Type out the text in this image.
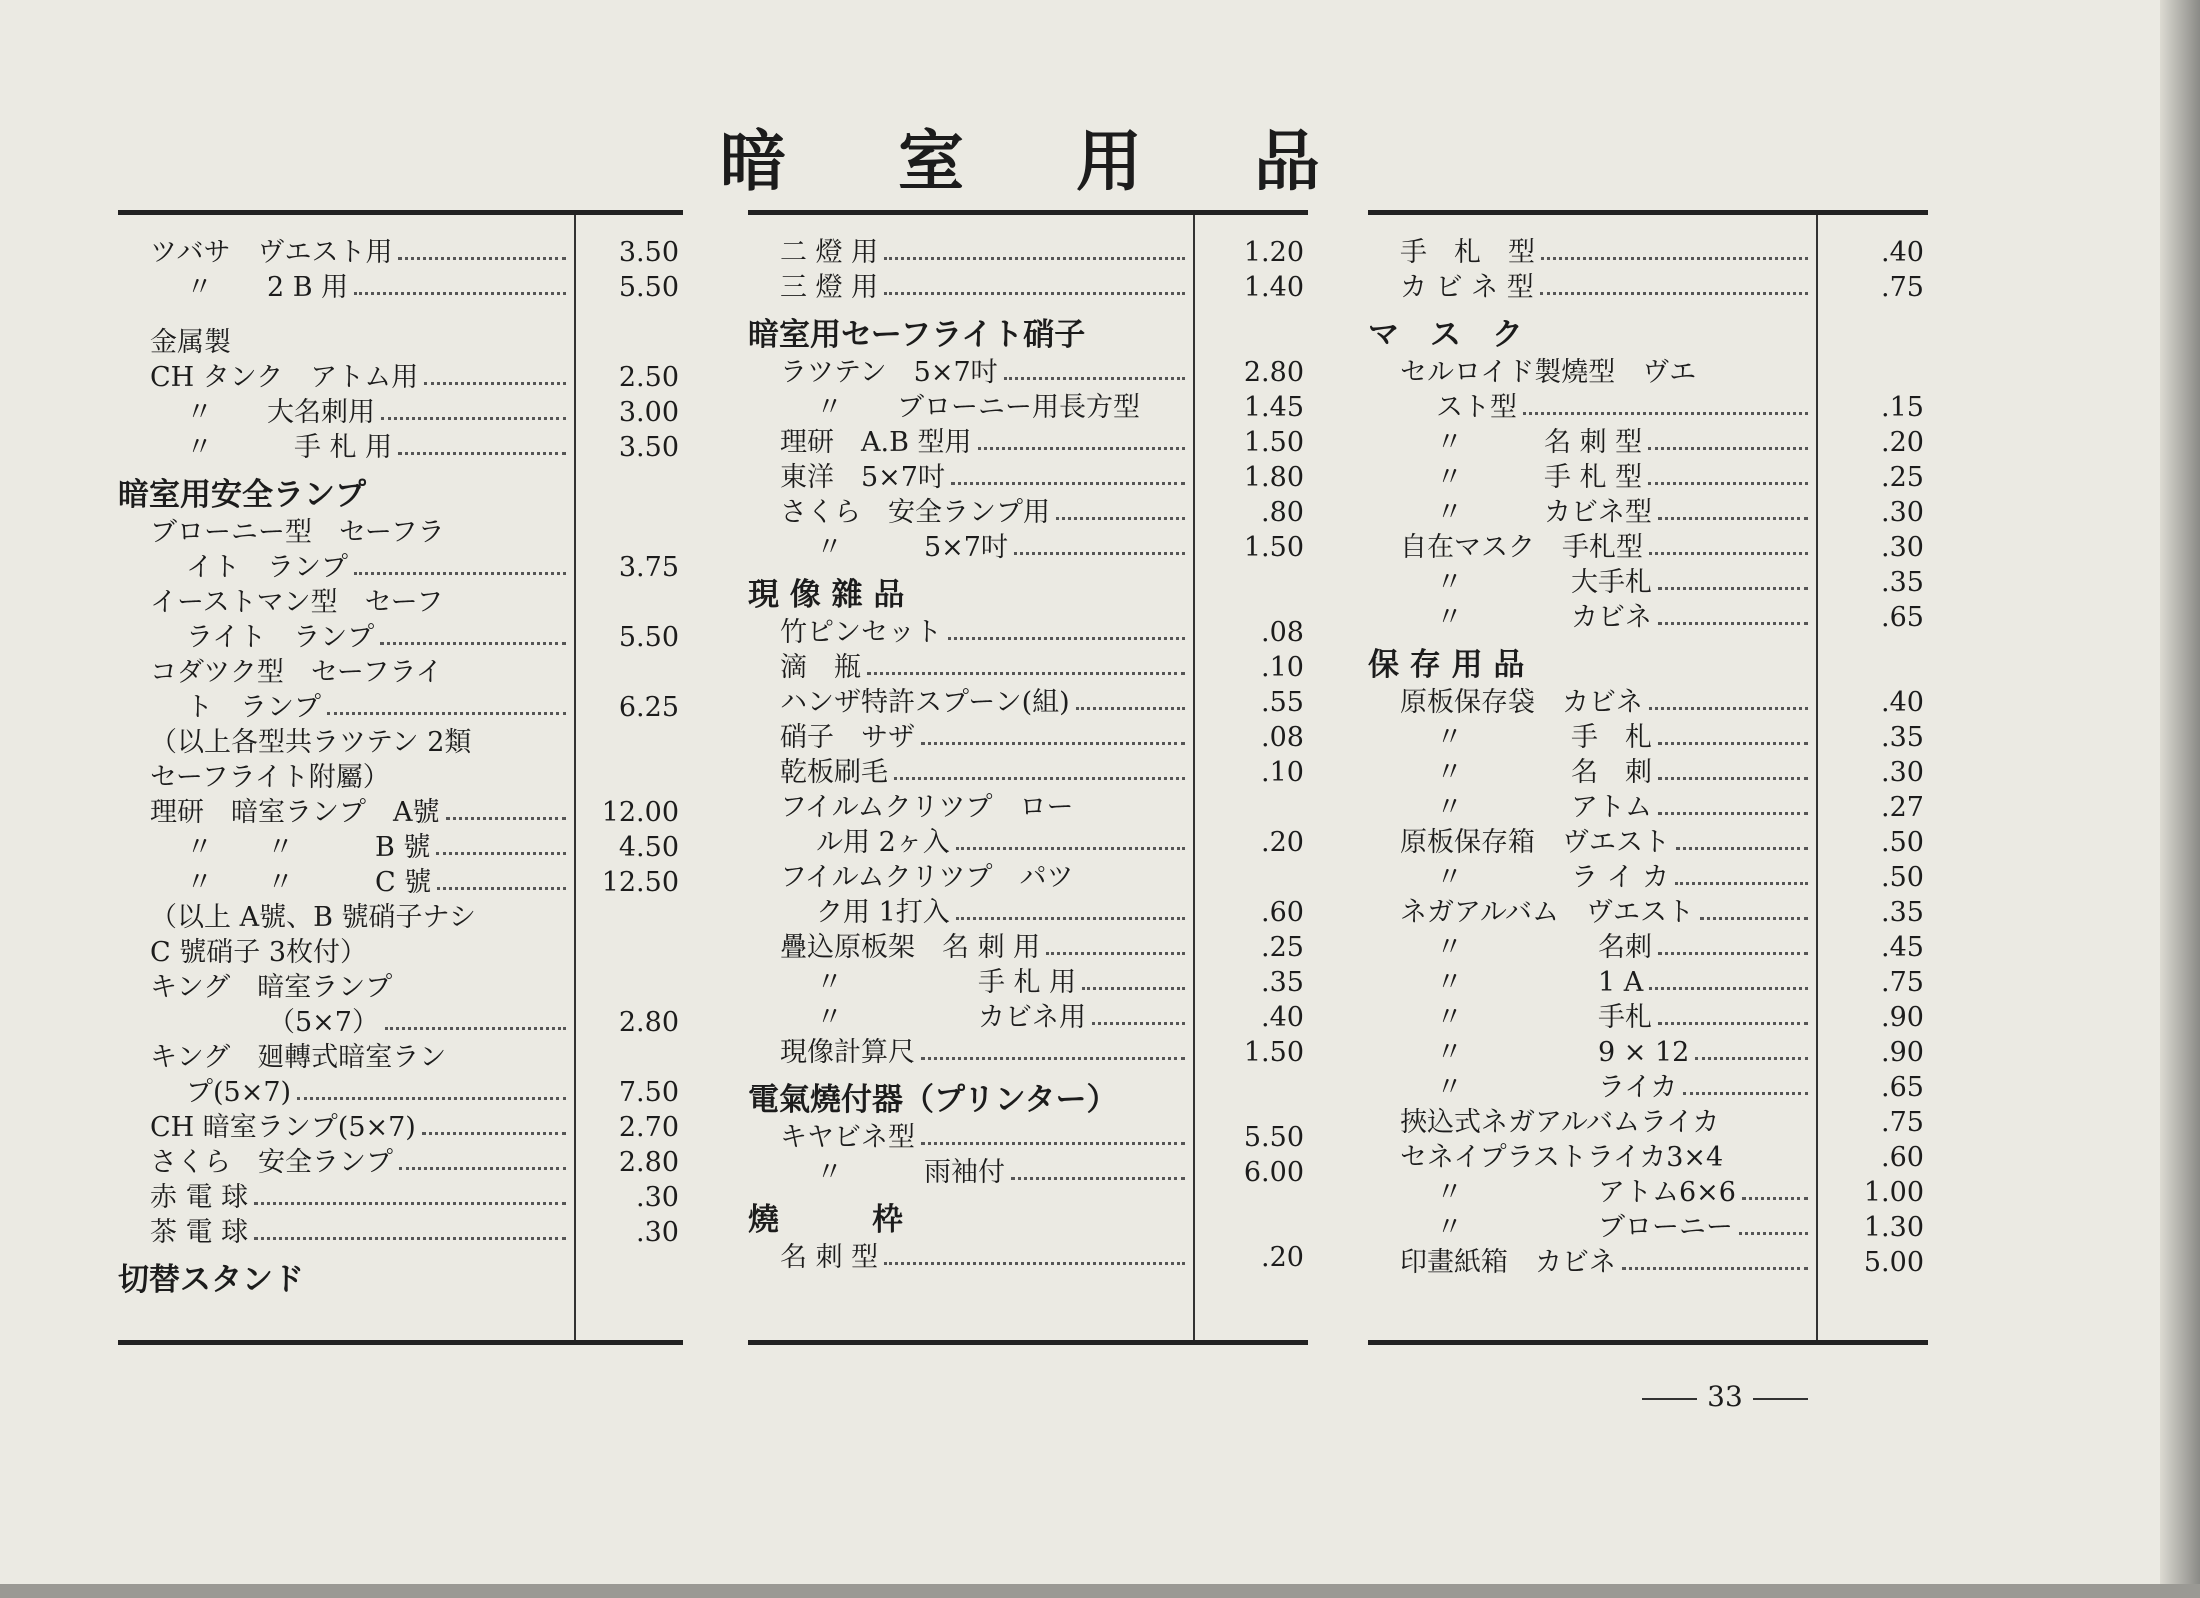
暗 室 用 品
ツバサ　ヴエスト用	3.50
〃　　2 B 用	5.50
金属製
CH タンク　アトム用	2.50
〃　　大名刺用	3.00
〃　　　手 札 用	3.50
暗室用安全ランプ
ブローニー型　セーフラ
イト　ランプ	3.75
イーストマン型　セーフ
ライト　ランプ	5.50
コダツク型　セーフライ
ト　ランプ	6.25
（以上各型共ラツテン 2類
セーフライト附屬）
理研　暗室ランプ　A號	12.00
〃　　〃　　　B 號	4.50
〃　　〃　　　C 號	12.50
（以上 A號、B 號硝子ナシ
C 號硝子 3枚付）
キング　暗室ランプ
（5×7）	2.80
キング　廻轉式暗室ラン
プ(5×7)	7.50
CH 暗室ランプ(5×7)	2.70
さくら　安全ランプ	2.80
赤 電 球	.30
茶 電 球	.30
切替スタンド
二 燈 用	1.20
三 燈 用	1.40
暗室用セーフライト硝子
ラツテン　5×7吋	2.80
〃　　ブローニー用長方型	1.45
理研　A.B 型用	1.50
東洋　5×7吋	1.80
さくら　安全ランプ用	.80
〃　　　5×7吋	1.50
現 像 雜 品
竹ピンセット	.08
滴　瓶	.10
ハンザ特許スプーン(組)	.55
硝子　サザ	.08
乾板刷毛	.10
フイルムクリツプ　ロー
ル用 2ヶ入	.20
フイルムクリツプ　パツ
ク用 1打入	.60
疊込原板架　名 刺 用	.25
〃　　　　　手 札 用	.35
〃　　　　　カビネ用	.40
現像計算尺	1.50
電氣燒付器（プリンター）
キヤビネ型	5.50
〃　　　雨袖付	6.00
燒　　　枠
名 刺 型	.20
手　札　型	.40
カ ビ ネ 型	.75
マ　ス　ク
セルロイド製燒型　ヴエ
スト型	.15
〃　　　名 刺 型	.20
〃　　　手 札 型	.25
〃　　　カビネ型	.30
自在マスク　手札型	.30
〃　　　　大手札	.35
〃　　　　カビネ	.65
保 存 用 品
原板保存袋　カビネ	.40
〃　　　　手　札	.35
〃　　　　名　刺	.30
〃　　　　アトム	.27
原板保存箱　ヴエスト	.50
〃　　　　ラ イ カ	.50
ネガアルバム　ヴエスト	.35
〃　　　　　名刺	.45
〃　　　　　1 A	.75
〃　　　　　手札	.90
〃　　　　　9 × 12	.90
〃　　　　　ライカ	.65
挾込式ネガアルバムライカ	.75
セネイプラストライカ3×4	.60
〃　　　　　アトム6×6	1.00
〃　　　　　ブローニー	1.30
印畫紙箱　カビネ	5.00
33
